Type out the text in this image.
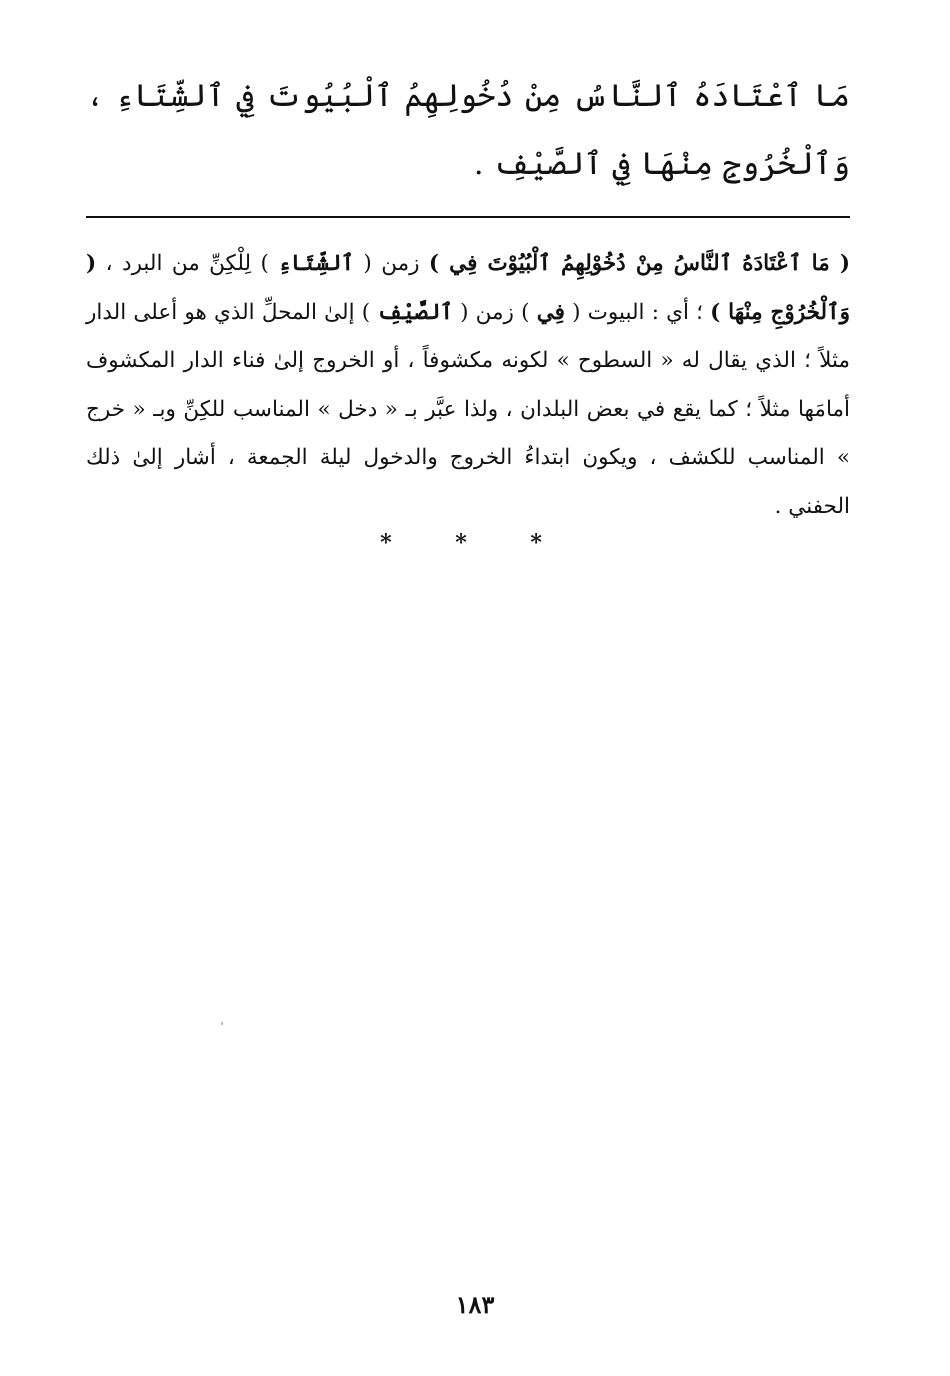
مَا ٱعْتَادَهُ ٱلنَّاسُ مِنْ دُخُولِهِمُ ٱلْبُيُوتَ فِي ٱلشِّتَاءِ ، وَٱلْخُرُوجِ مِنْهَا فِي ٱلصَّيْفِ .

( مَا ٱعْتَادَهُ ٱلنَّاسُ مِنْ دُخُوْلِهِمُ ٱلْبُيُوْتَ فِي ) زمن ( ٱلشِّتَاءِ ) لِلْكِنِّ من البرد ، ( وَٱلْخُرُوْجِ مِنْهَا ) ؛ أي : البيوت ( فِي ) زمن ( ٱلصَّيْفِ ) إلىٰ المحلِّ الذي هو أعلى الدار مثلاً ؛ الذي يقال له « السطوح » لكونه مكشوفاً ، أو الخروج إلىٰ فناء الدار المكشوف أمامَها مثلاً ؛ كما يقع في بعض البلدان ، ولذا عبَّر بـ « دخل » المناسب للكِنِّ وبـ « خرج » المناسب للكشف ، ويكون ابتداءُ الخروج والدخول ليلة الجمعة ، أشار إلىٰ ذلك الحفني .

* * *
١٨٣
